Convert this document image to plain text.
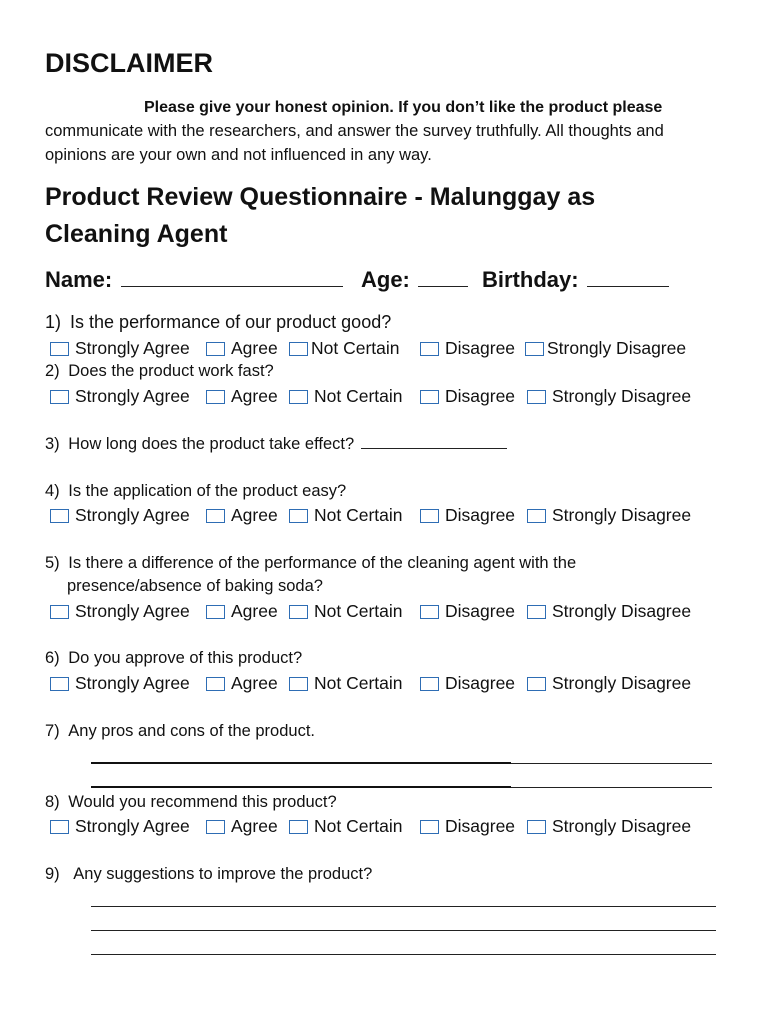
DISCLAIMER
Please give your honest opinion. If you don’t like the product please
communicate with the researchers, and answer the survey truthfully. All thoughts and
opinions are your own and not influenced in any way.
Product Review Questionnaire - Malunggay as
Cleaning Agent
Name:	Age:	Birthday:
1) Is the performance of our product good?
Strongly Agree Agree Not Certain	Disagree Strongly Disagree
2) Does the product work fast?
Strongly Agree Agree Not Certain Disagree Strongly Disagree
3) How long does the product take effect?
4) Is the application of the product easy?
Strongly Agree Agree Not Certain Disagree Strongly Disagree
5) Is there a difference of the performance of the cleaning agent with the
presence/absence of baking soda?
Strongly Agree Agree Not Certain Disagree Strongly Disagree
6) Do you approve of this product?
Strongly Agree Agree Not Certain Disagree Strongly Disagree
7) Any pros and cons of the product.
8) Would you recommend this product?
Strongly Agree Agree Not Certain Disagree Strongly Disagree
9) Any suggestions to improve the product?
